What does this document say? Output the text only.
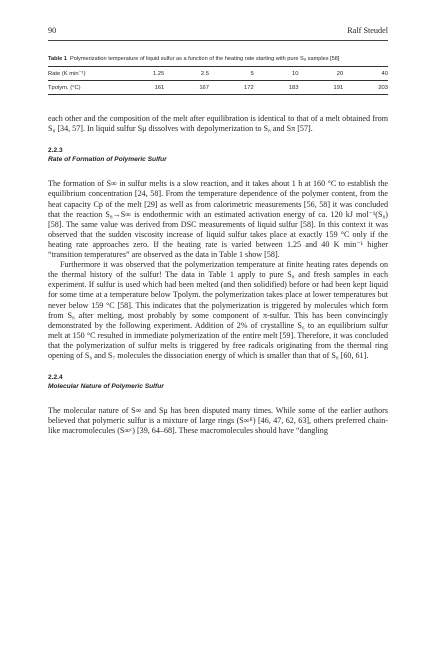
90	Ralf Steudel
Table 1 Polymerization temperature of liquid sulfur as a function of the heating rate starting with pure S₈ samples [58]
Rate (K min⁻¹)	1.25	2.5	5	10	20	40
Tpolym. (°C)	161	167	172	183	191	203

each other and the composition of the melt after equilibration is identical to that of a melt obtained from S₈ [34, 57]. In liquid sulfur Sμ dissolves with depolymerization to S₈ and Sπ [57].

2.2.3
Rate of Formation of Polymeric Sulfur

The formation of S∞ in sulfur melts is a slow reaction, and it takes about 1 h at 160 °C to establish the equilibrium concentration [24, 58]. From the temperature dependence of the polymer content, from the heat capacity Cp of the melt [29] as well as from calorimetric measurements [56, 58] it was concluded that the reaction S₈→S∞ is endothermic with an estimated activation energy of ca. 120 kJ mol⁻¹(S₈) [58]. The same value was derived from DSC measurements of liquid sulfur [58]. In this context it was observed that the sudden viscosity increase of liquid sulfur takes place at exactly 159 °C only if the heating rate approaches zero. If the heating rate is varied between 1.25 and 40 K min⁻¹ higher “transition temperatures” are observed as the data in Table 1 show [58].

Furthermore it was observed that the polymerization temperature at finite heating rates depends on the thermal history of the sulfur! The data in Table 1 apply to pure S₈ and fresh samples in each experiment. If sulfur is used which had been melted (and then solidified) before or had been kept liquid for some time at a temperature below Tpolym. the polymerization takes place at lower temperatures but never below 159 °C [58]. This indicates that the polymerization is triggered by molecules which form from S₈ after melting, most probably by some component of π-sulfur. This has been convincingly demonstrated by the following experiment. Addition of 2% of crystalline S₆ to an equilibrium sulfur melt at 150 °C resulted in immediate polymerization of the entire melt [59]. Therefore, it was concluded that the polymerization of sulfur melts is triggered by free radicals originating from the thermal ring opening of S₆ and S₇ molecules the dissociation energy of which is smaller than that of S₈ [60, 61].

2.2.4
Molecular Nature of Polymeric Sulfur

The molecular nature of S∞ and Sμ has been disputed many times. While some of the earlier authors believed that polymeric sulfur is a mixture of large rings (S∞ᴿ) [46, 47, 62, 63], others preferred chain-like macromolecules (S∞ᶜ) [39, 64–68]. These macromolecules should have “dangling
